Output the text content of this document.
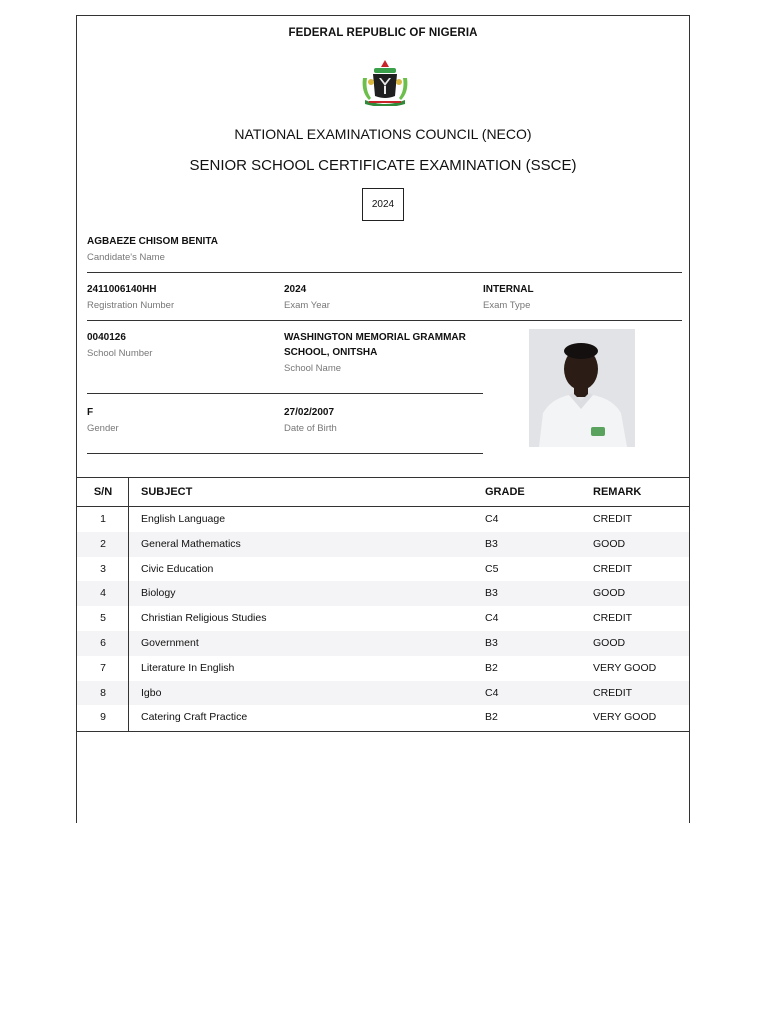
FEDERAL REPUBLIC OF NIGERIA
NATIONAL EXAMINATIONS COUNCIL (NECO)
SENIOR SCHOOL CERTIFICATE EXAMINATION (SSCE)
2024
AGBAEZE CHISOM BENITA
Candidate's Name
2411006140HH
Registration Number
2024
Exam Year
INTERNAL
Exam Type
0040126
School Number
WASHINGTON MEMORIAL GRAMMAR
SCHOOL, ONITSHA
School Name
F
Gender
27/02/2007
Date of Birth
S/N	SUBJECT	GRADE	REMARK
1	English Language	C4	CREDIT
2	General Mathematics	B3	GOOD
3	Civic Education	C5	CREDIT
4	Biology	B3	GOOD
5	Christian Religious Studies	C4	CREDIT
6	Government	B3	GOOD
7	Literature In English	B2	VERY GOOD
8	Igbo	C4	CREDIT
9	Catering Craft Practice	B2	VERY GOOD
